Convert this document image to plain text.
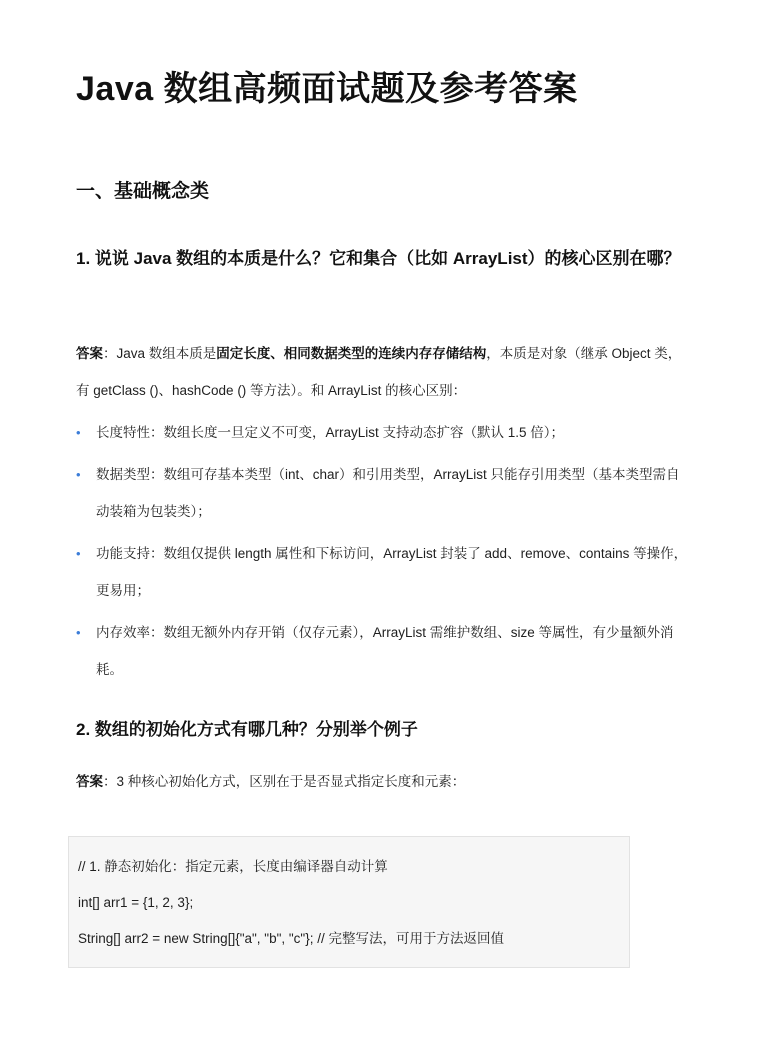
Java 数组高频面试题及参考答案
一、基础概念类
1. 说说 Java 数组的本质是什么？它和集合（比如 ArrayList）的核心区别在哪？

答案：Java 数组本质是固定长度、相同数据类型的连续内存存储结构，本质是对象（继承 Object 类，有 getClass ()、hashCode () 等方法）。和 ArrayList 的核心区别：

• 长度特性：数组长度一旦定义不可变，ArrayList 支持动态扩容（默认 1.5 倍）；
• 数据类型：数组可存基本类型（int、char）和引用类型，ArrayList 只能存引用类型（基本类型需自动装箱为包装类）；
• 功能支持：数组仅提供 length 属性和下标访问，ArrayList 封装了 add、remove、contains 等操作，更易用；
• 内存效率：数组无额外内存开销（仅存元素），ArrayList 需维护数组、size 等属性，有少量额外消耗。
2. 数组的初始化方式有哪几种？分别举个例子

答案：3 种核心初始化方式，区别在于是否显式指定长度和元素：

// 1. 静态初始化：指定元素，长度由编译器自动计算
int[] arr1 = {1, 2, 3};
String[] arr2 = new String[]{"a", "b", "c"}; // 完整写法，可用于方法返回值
